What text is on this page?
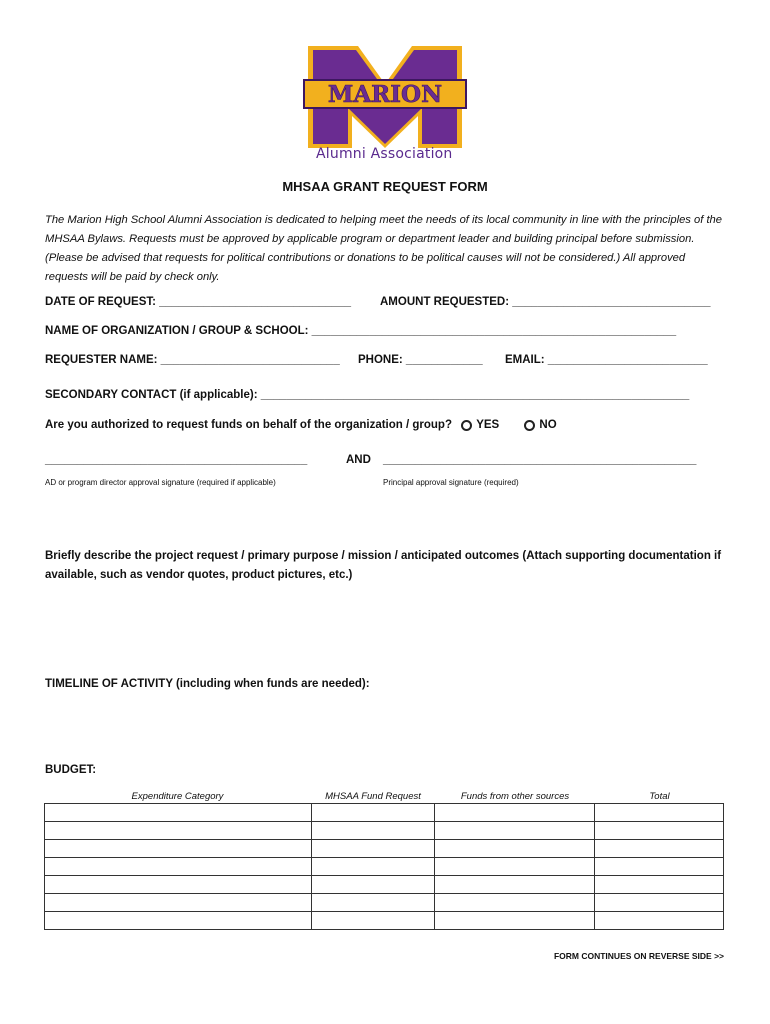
MARION
Alumni Association
MHSAA GRANT REQUEST FORM
The Marion High School Alumni Association is dedicated to helping meet the needs of its local community in line with the principles of the MHSAA Bylaws. Requests must be approved by applicable program or department leader and building principal before submission. (Please be advised that requests for political contributions or donations to be political causes will not be considered.) All approved requests will be paid by check only.
DATE OF REQUEST: ______________________________	AMOUNT REQUESTED: _______________________________
NAME OF ORGANIZATION / GROUP & SCHOOL: _________________________________________________________
REQUESTER NAME: ____________________________ PHONE: ____________ EMAIL: _________________________
SECONDARY CONTACT (if applicable): ___________________________________________________________________
Are you authorized to request funds on behalf of the organization / group? YES	NO
_________________________________________	AND _________________________________________________
AD or program director approval signature (required if applicable)	Principal approval signature (required)
Briefly describe the project request / primary purpose / mission / anticipated outcomes (Attach supporting documentation if available, such as vendor quotes, product pictures, etc.)
TIMELINE OF ACTIVITY (including when funds are needed):
BUDGET:
Expenditure Category	MHSAA Fund Request	Funds from other sources	Total

FORM CONTINUES ON REVERSE SIDE >>
